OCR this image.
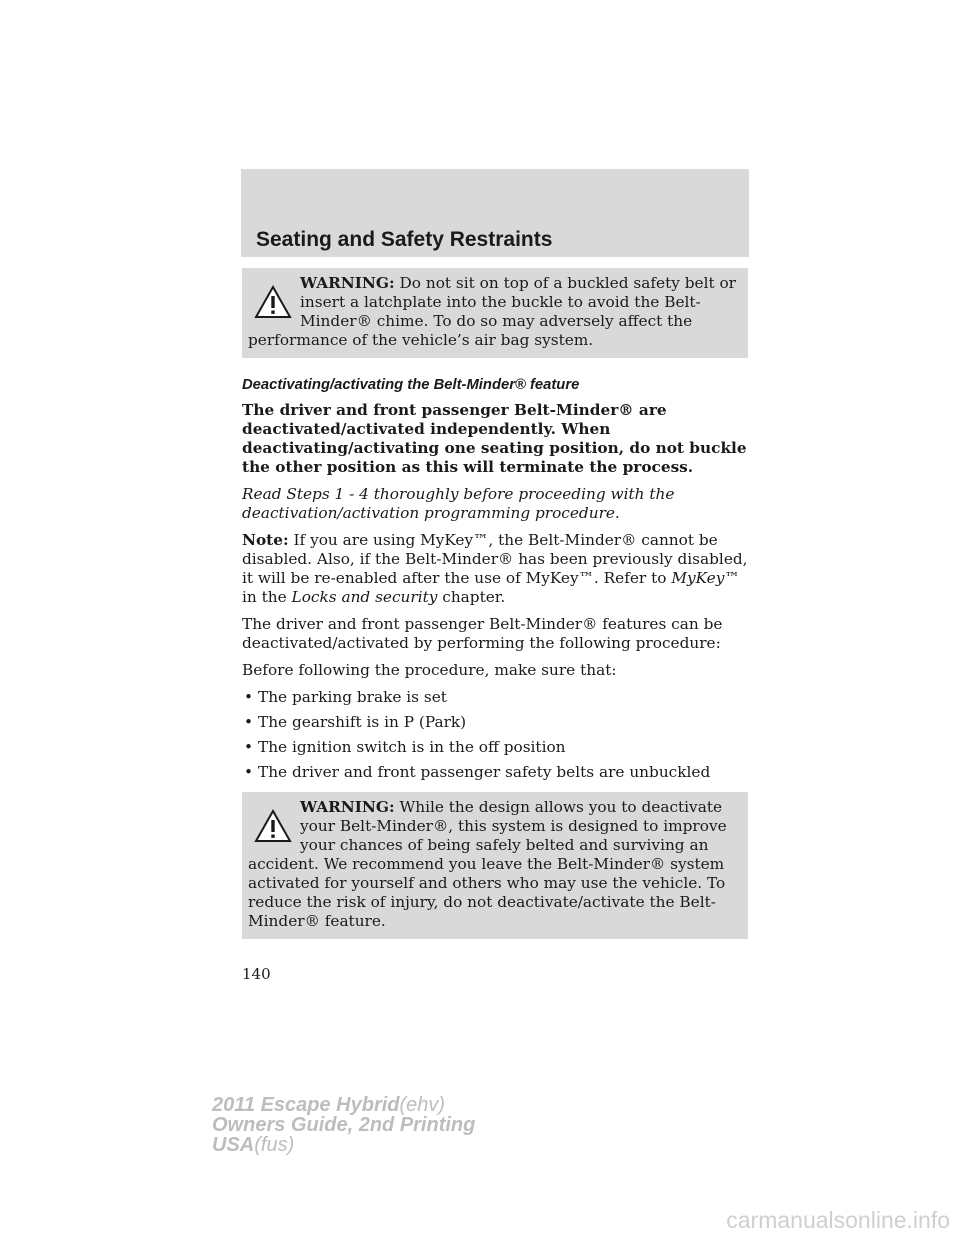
Seating and Safety Restraints

WARNING: Do not sit on top of a buckled safety belt or insert a latchplate into the buckle to avoid the Belt-Minder® chime. To do so may adversely affect the performance of the vehicle’s air bag system.

Deactivating/activating the Belt-Minder® feature

The driver and front passenger Belt-Minder® are deactivated/activated independently. When deactivating/activating one seating position, do not buckle the other position as this will terminate the process.

Read Steps 1 - 4 thoroughly before proceeding with the deactivation/activation programming procedure.

Note: If you are using MyKey™, the Belt-Minder® cannot be disabled. Also, if the Belt-Minder® has been previously disabled, it will be re-enabled after the use of MyKey™. Refer to MyKey™ in the Locks and security chapter.

The driver and front passenger Belt-Minder® features can be deactivated/activated by performing the following procedure:

Before following the procedure, make sure that:

• The parking brake is set
• The gearshift is in P (Park)
• The ignition switch is in the off position
• The driver and front passenger safety belts are unbuckled

WARNING: While the design allows you to deactivate your Belt-Minder®, this system is designed to improve your chances of being safely belted and surviving an accident. We recommend you leave the Belt-Minder® system activated for yourself and others who may use the vehicle. To reduce the risk of injury, do not deactivate/activate the Belt-Minder® feature.

140
2011 Escape Hybrid(ehv)
Owners Guide, 2nd Printing
USA(fus)
carmanualsonline.info
